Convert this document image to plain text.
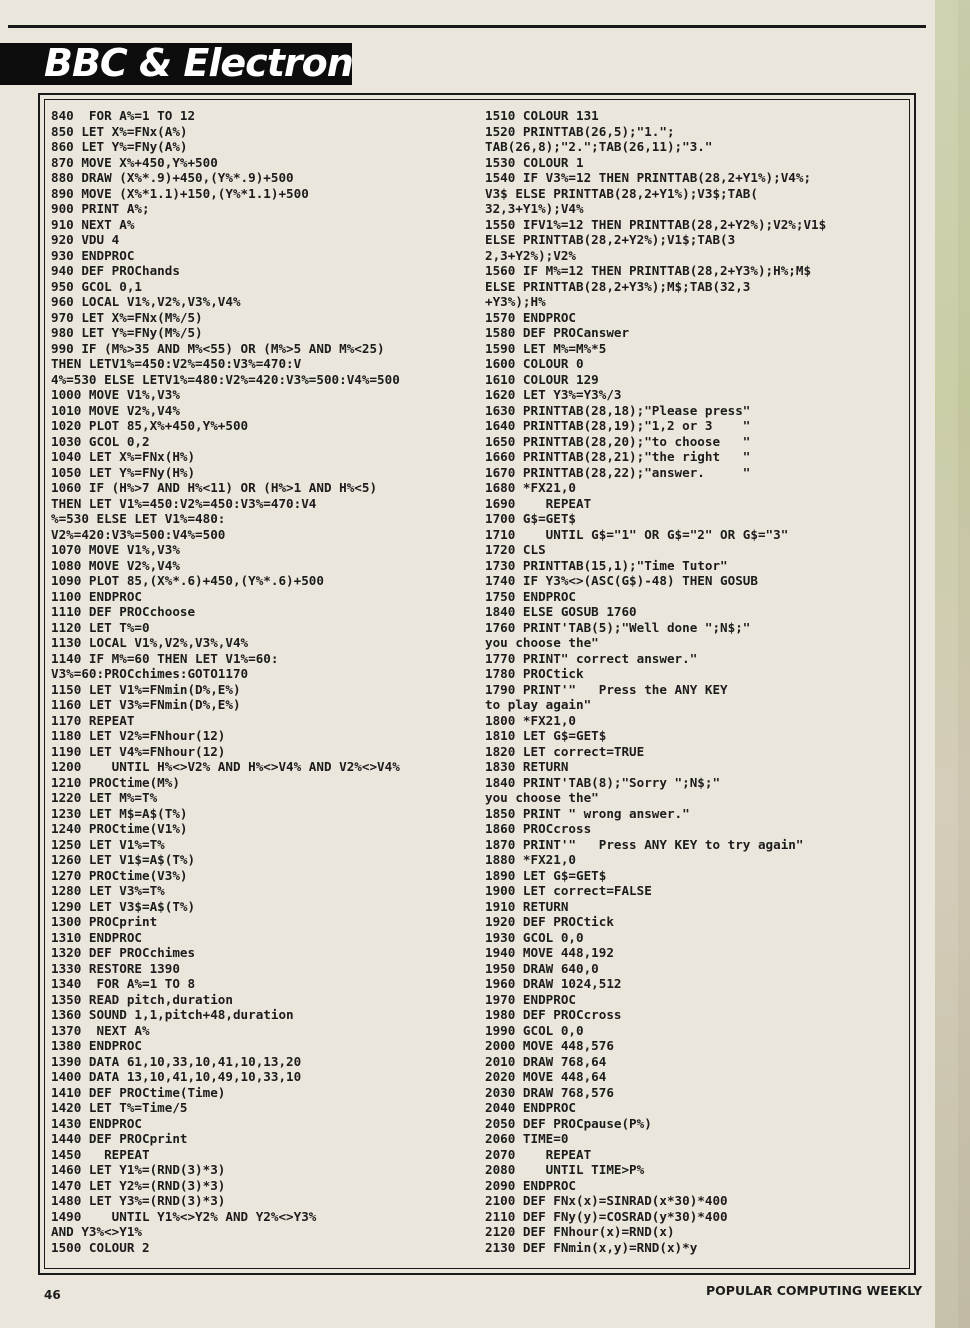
BBC & Electron
840  FOR A%=1 TO 12
850 LET X%=FNx(A%)
860 LET Y%=FNy(A%)
870 MOVE X%+450,Y%+500
880 DRAW (X%*.9)+450,(Y%*.9)+500
890 MOVE (X%*1.1)+150,(Y%*1.1)+500
900 PRINT A%;
910 NEXT A%
920 VDU 4
930 ENDPROC
940 DEF PROChands
950 GCOL 0,1
960 LOCAL V1%,V2%,V3%,V4%
970 LET X%=FNx(M%/5)
980 LET Y%=FNy(M%/5)
990 IF (M%>35 AND M%<55) OR (M%>5 AND M%<25)
THEN LETV1%=450:V2%=450:V3%=470:V
4%=530 ELSE LETV1%=480:V2%=420:V3%=500:V4%=500
1000 MOVE V1%,V3%
1010 MOVE V2%,V4%
1020 PLOT 85,X%+450,Y%+500
1030 GCOL 0,2
1040 LET X%=FNx(H%)
1050 LET Y%=FNy(H%)
1060 IF (H%>7 AND H%<11) OR (H%>1 AND H%<5)
THEN LET V1%=450:V2%=450:V3%=470:V4
%=530 ELSE LET V1%=480:
V2%=420:V3%=500:V4%=500
1070 MOVE V1%,V3%
1080 MOVE V2%,V4%
1090 PLOT 85,(X%*.6)+450,(Y%*.6)+500
1100 ENDPROC
1110 DEF PROCchoose
1120 LET T%=0
1130 LOCAL V1%,V2%,V3%,V4%
1140 IF M%=60 THEN LET V1%=60:
V3%=60:PROCchimes:GOTO1170
1150 LET V1%=FNmin(D%,E%)
1160 LET V3%=FNmin(D%,E%)
1170 REPEAT
1180 LET V2%=FNhour(12)
1190 LET V4%=FNhour(12)
1200    UNTIL H%<>V2% AND H%<>V4% AND V2%<>V4%
1210 PROCtime(M%)
1220 LET M%=T%
1230 LET M$=A$(T%)
1240 PROCtime(V1%)
1250 LET V1%=T%
1260 LET V1$=A$(T%)
1270 PROCtime(V3%)
1280 LET V3%=T%
1290 LET V3$=A$(T%)
1300 PROCprint
1310 ENDPROC
1320 DEF PROCchimes
1330 RESTORE 1390
1340  FOR A%=1 TO 8
1350 READ pitch,duration
1360 SOUND 1,1,pitch+48,duration
1370  NEXT A%
1380 ENDPROC
1390 DATA 61,10,33,10,41,10,13,20
1400 DATA 13,10,41,10,49,10,33,10
1410 DEF PROCtime(Time)
1420 LET T%=Time/5
1430 ENDPROC
1440 DEF PROCprint
1450   REPEAT
1460 LET Y1%=(RND(3)*3)
1470 LET Y2%=(RND(3)*3)
1480 LET Y3%=(RND(3)*3)
1490    UNTIL Y1%<>Y2% AND Y2%<>Y3%
AND Y3%<>Y1%
1500 COLOUR 2
1510 COLOUR 131
1520 PRINTTAB(26,5);"1.";
TAB(26,8);"2.";TAB(26,11);"3."
1530 COLOUR 1
1540 IF V3%=12 THEN PRINTTAB(28,2+Y1%);V4%;
V3$ ELSE PRINTTAB(28,2+Y1%);V3$;TAB(
32,3+Y1%);V4%
1550 IFV1%=12 THEN PRINTTAB(28,2+Y2%);V2%;V1$
ELSE PRINTTAB(28,2+Y2%);V1$;TAB(3
2,3+Y2%);V2%
1560 IF M%=12 THEN PRINTTAB(28,2+Y3%);H%;M$
ELSE PRINTTAB(28,2+Y3%);M$;TAB(32,3
+Y3%);H%
1570 ENDPROC
1580 DEF PROCanswer
1590 LET M%=M%*5
1600 COLOUR 0
1610 COLOUR 129
1620 LET Y3%=Y3%/3
1630 PRINTTAB(28,18);"Please press"
1640 PRINTTAB(28,19);"1,2 or 3    "
1650 PRINTTAB(28,20);"to choose   "
1660 PRINTTAB(28,21);"the right   "
1670 PRINTTAB(28,22);"answer.     "
1680 *FX21,0
1690    REPEAT
1700 G$=GET$
1710    UNTIL G$="1" OR G$="2" OR G$="3"
1720 CLS
1730 PRINTTAB(15,1);"Time Tutor"
1740 IF Y3%<>(ASC(G$)-48) THEN GOSUB
1750 ENDPROC
1840 ELSE GOSUB 1760
1760 PRINT'TAB(5);"Well done ";N$;"
you choose the"
1770 PRINT" correct answer."
1780 PROCtick
1790 PRINT'"   Press the ANY KEY
to play again"
1800 *FX21,0
1810 LET G$=GET$
1820 LET correct=TRUE
1830 RETURN
1840 PRINT'TAB(8);"Sorry ";N$;"
you choose the"
1850 PRINT " wrong answer."
1860 PROCcross
1870 PRINT'"   Press ANY KEY to try again"
1880 *FX21,0
1890 LET G$=GET$
1900 LET correct=FALSE
1910 RETURN
1920 DEF PROCtick
1930 GCOL 0,0
1940 MOVE 448,192
1950 DRAW 640,0
1960 DRAW 1024,512
1970 ENDPROC
1980 DEF PROCcross
1990 GCOL 0,0
2000 MOVE 448,576
2010 DRAW 768,64
2020 MOVE 448,64
2030 DRAW 768,576
2040 ENDPROC
2050 DEF PROCpause(P%)
2060 TIME=0
2070    REPEAT
2080    UNTIL TIME>P%
2090 ENDPROC
2100 DEF FNx(x)=SINRAD(x*30)*400
2110 DEF FNy(y)=COSRAD(y*30)*400
2120 DEF FNhour(x)=RND(x)
2130 DEF FNmin(x,y)=RND(x)*y
46	POPULAR COMPUTING WEEKLY
